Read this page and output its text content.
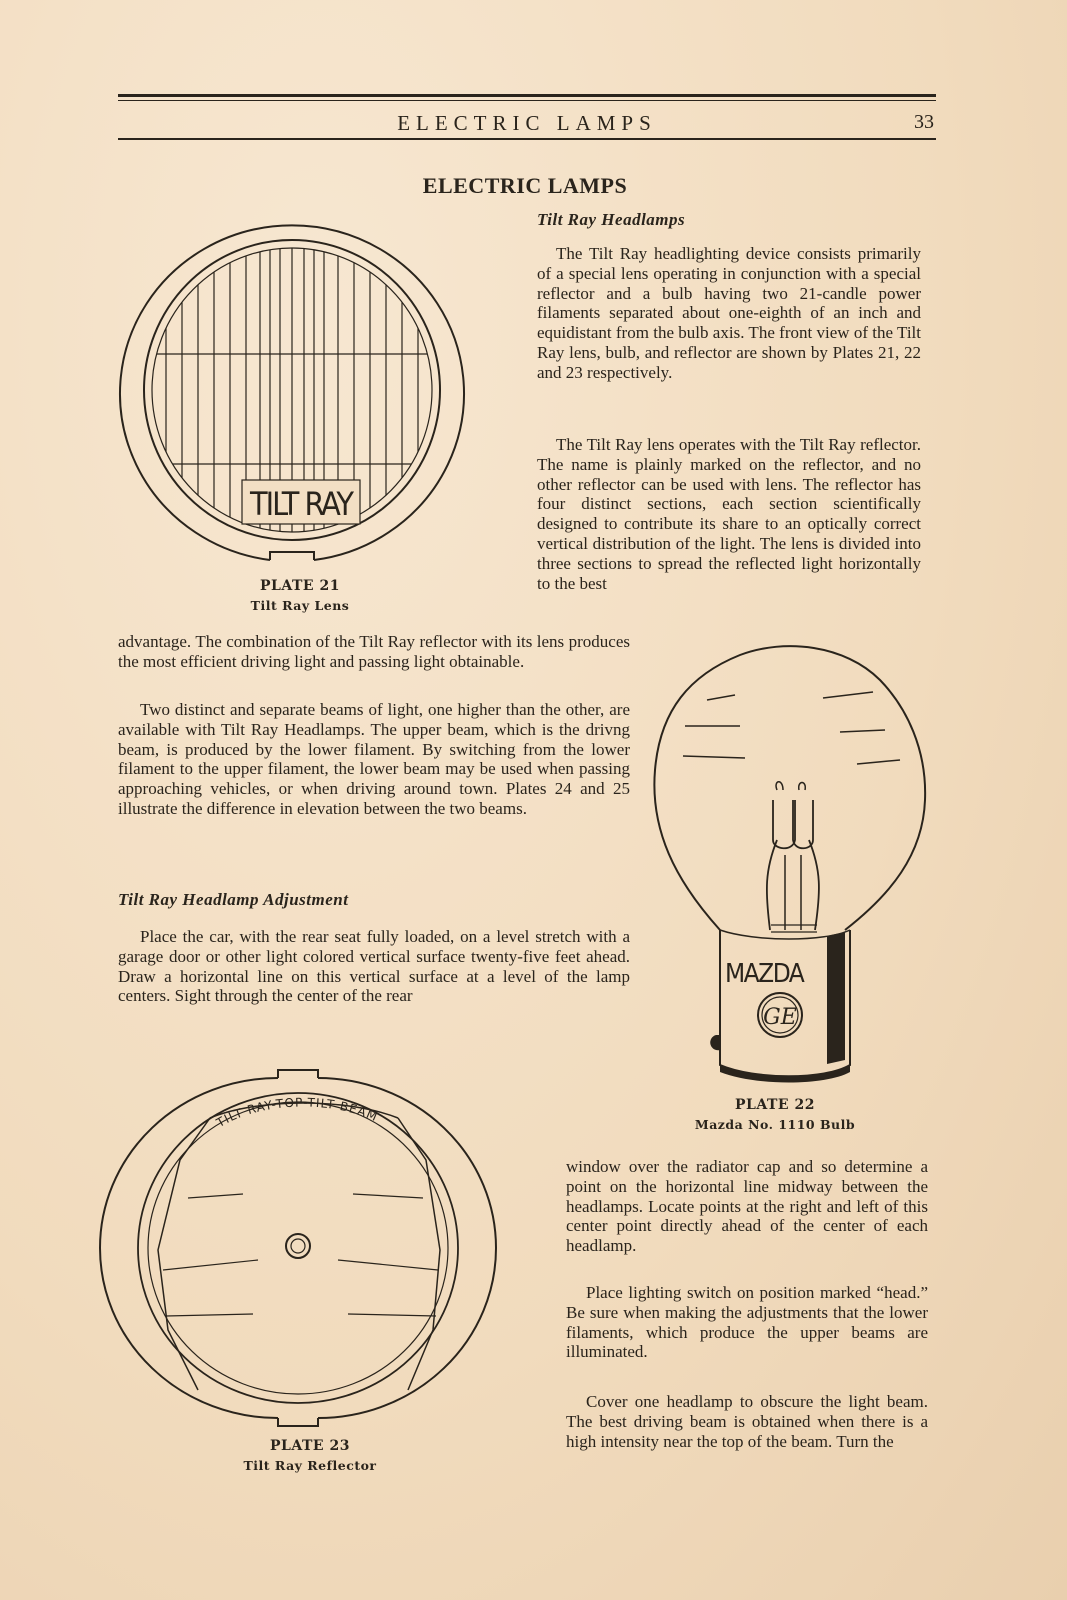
ELECTRIC LAMPS	33
ELECTRIC LAMPS
TILT RAY
PLATE 21
Tilt Ray Lens
Tilt Ray Headlamps

The Tilt Ray headlighting device consists primarily of a special lens operating in conjunction with a special reflector and a bulb having two 21-candle power filaments separated about one-eighth of an inch and equidistant from the bulb axis. The front view of the Tilt Ray lens, bulb, and reflector are shown by Plates 21, 22 and 23 respectively.

The Tilt Ray lens operates with the Tilt Ray reflector. The name is plainly marked on the reflector, and no other reflector can be used with lens. The reflector has four distinct sections, each section scientifically designed to contribute its share to an optically correct vertical distribution of the light. The lens is divided into three sections to spread the reflected light horizontally to the best

advantage. The combination of the Tilt Ray reflector with its lens produces the most efficient driving light and passing light obtainable.

Two distinct and separate beams of light, one higher than the other, are available with Tilt Ray Headlamps. The upper beam, which is the drivng beam, is produced by the lower filament. By switching from the lower filament to the upper filament, the lower beam may be used when passing approaching vehicles, or when driving around town. Plates 24 and 25 illustrate the difference in elevation between the two beams.

Tilt Ray Headlamp Adjustment

Place the car, with the rear seat fully loaded, on a level stretch with a garage door or other light colored vertical surface twenty-five feet ahead. Draw a horizontal line on this vertical surface at a level of the lamp centers. Sight through the center of the rear

MAZDA
GE
PLATE 22
Mazda No. 1110 Bulb
TILT RAY-TOP-TILT BEAM
PLATE 23
Tilt Ray Reflector

window over the radiator cap and so determine a point on the horizontal line midway between the headlamps. Locate points at the right and left of this center point directly ahead of the center of each headlamp.

Place lighting switch on position marked “head.” Be sure when making the adjustments that the lower filaments, which produce the upper beams are illuminated.

Cover one headlamp to obscure the light beam. The best driving beam is obtained when there is a high intensity near the top of the beam. Turn the
